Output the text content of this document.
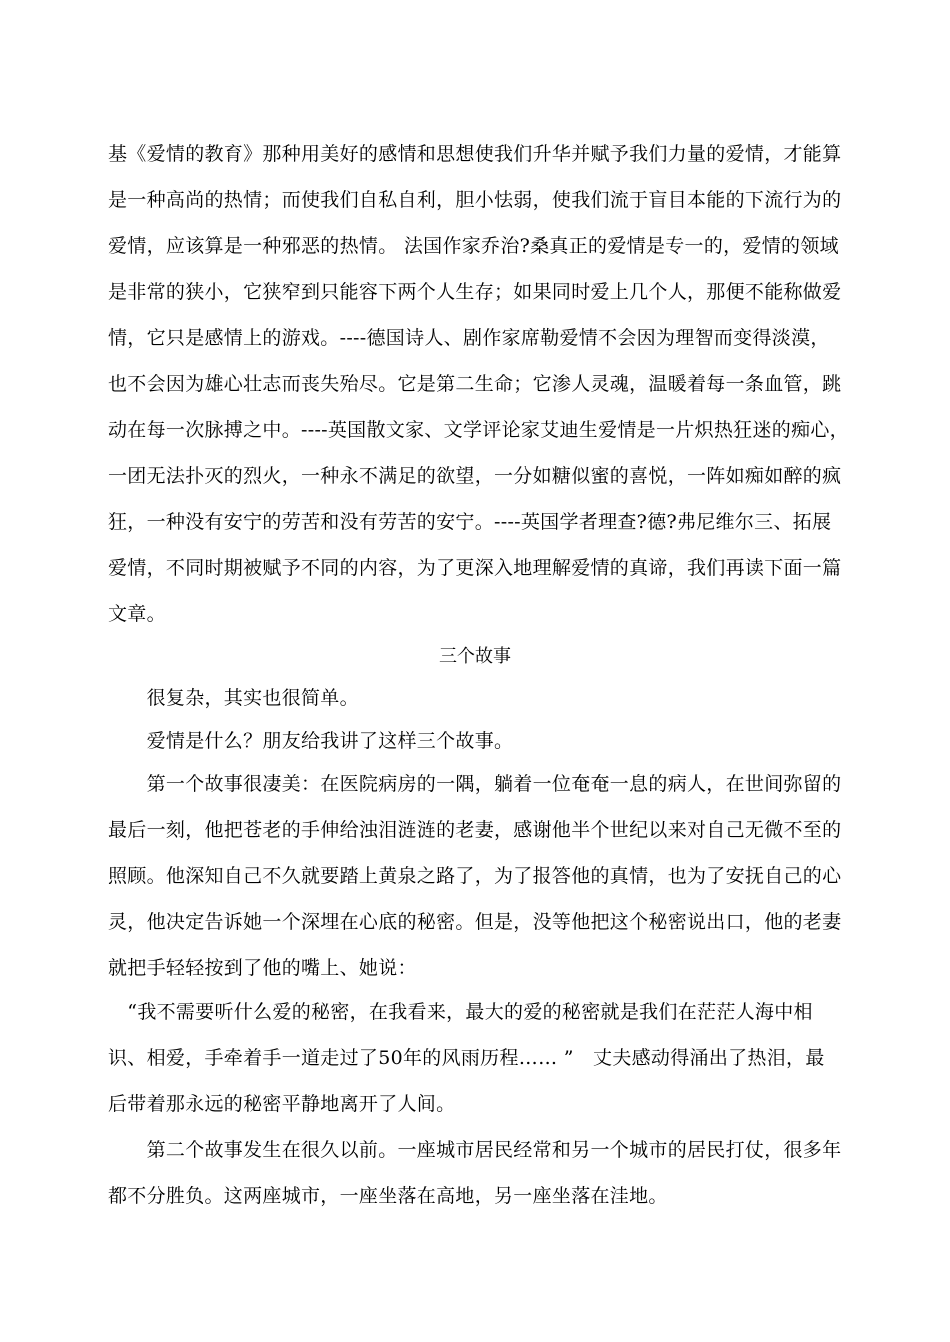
基《爱情的教育》那种用美好的感情和思想使我们升华并赋予我们力量的爱情，才能算

是一种高尚的热情；而使我们自私自利，胆小怯弱，使我们流于盲目本能的下流行为的

爱情，应该算是一种邪恶的热情。 法国作家乔治?桑真正的爱情是专一的，爱情的领域

是非常的狭小，它狭窄到只能容下两个人生存；如果同时爱上几个人，那便不能称做爱

情，它只是感情上的游戏。----德国诗人、剧作家席勒爱情不会因为理智而变得淡漠，

也不会因为雄心壮志而丧失殆尽。它是第二生命；它渗人灵魂，温暖着每一条血管，跳

动在每一次脉搏之中。----英国散文家、文学评论家艾迪生爱情是一片炽热狂迷的痴心，

一团无法扑灭的烈火，一种永不满足的欲望，一分如糖似蜜的喜悦，一阵如痴如醉的疯

狂，一种没有安宁的劳苦和没有劳苦的安宁。----英国学者理查?德?弗尼维尔三、拓展

爱情，不同时期被赋予不同的内容，为了更深入地理解爱情的真谛，我们再读下面一篇

文章。

三个故事

　　很复杂，其实也很简单。

　　爱情是什么？朋友给我讲了这样三个故事。

　　第一个故事很凄美：在医院病房的一隅，躺着一位奄奄一息的病人，在世间弥留的

最后一刻，他把苍老的手伸给浊泪涟涟的老妻，感谢他半个世纪以来对自己无微不至的

照顾。他深知自己不久就要踏上黄泉之路了，为了报答他的真情，也为了安抚自己的心

灵，他决定告诉她一个深埋在心底的秘密。但是，没等他把这个秘密说出口，他的老妻

就把手轻轻按到了他的嘴上、她说：

　“我不需要听什么爱的秘密，在我看来，最大的爱的秘密就是我们在茫茫人海中相

识、相爱，手牵着手一道走过了50年的风雨历程…… ”　丈夫感动得涌出了热泪，最

后带着那永远的秘密平静地离开了人间。

　　第二个故事发生在很久以前。一座城市居民经常和另一个城市的居民打仗，很多年

都不分胜负。这两座城市，一座坐落在高地，另一座坐落在洼地。
